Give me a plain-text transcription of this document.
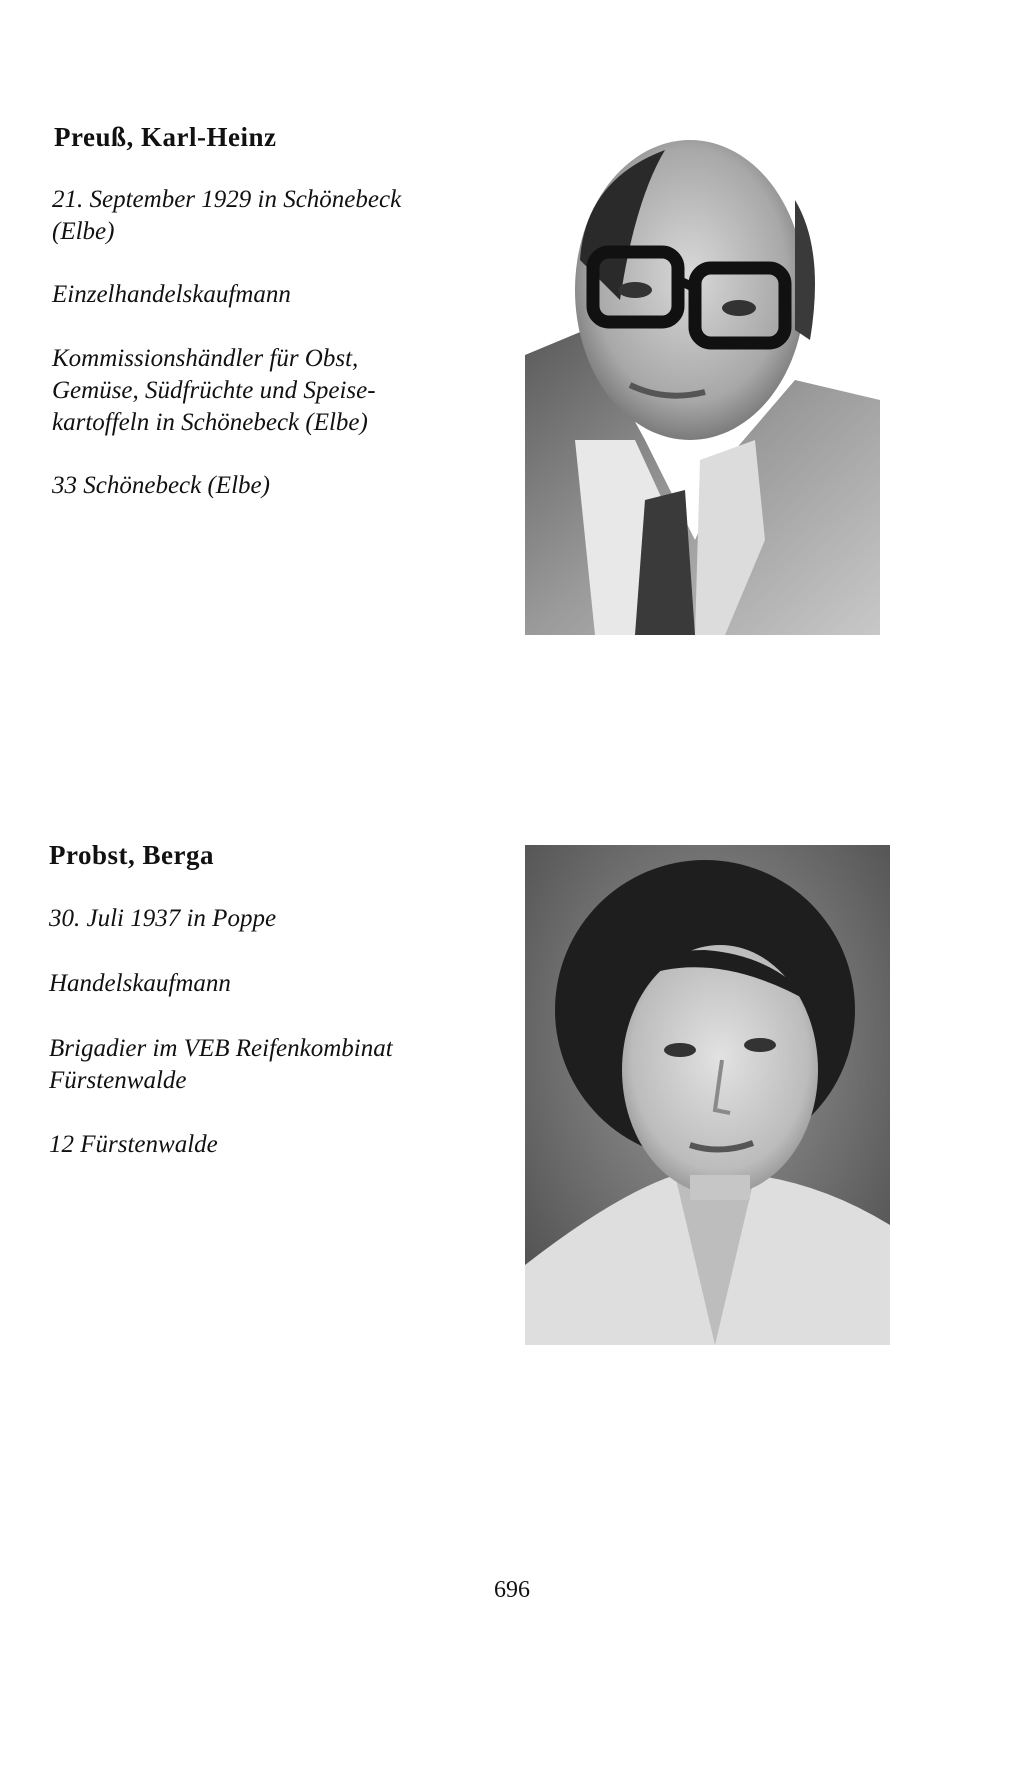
Preuß, Karl-Heinz
21. September 1929 in Schönebeck
(Elbe)
Einzelhandelskaufmann
Kommissionshändler für Obst,
Gemüse, Südfrüchte und Speise-
kartoffeln in Schönebeck (Elbe)
33 Schönebeck (Elbe)
Probst, Berga
30. Juli 1937 in Poppe
Handelskaufmann
Brigadier im VEB Reifenkombinat
Fürstenwalde
12 Fürstenwalde
696
